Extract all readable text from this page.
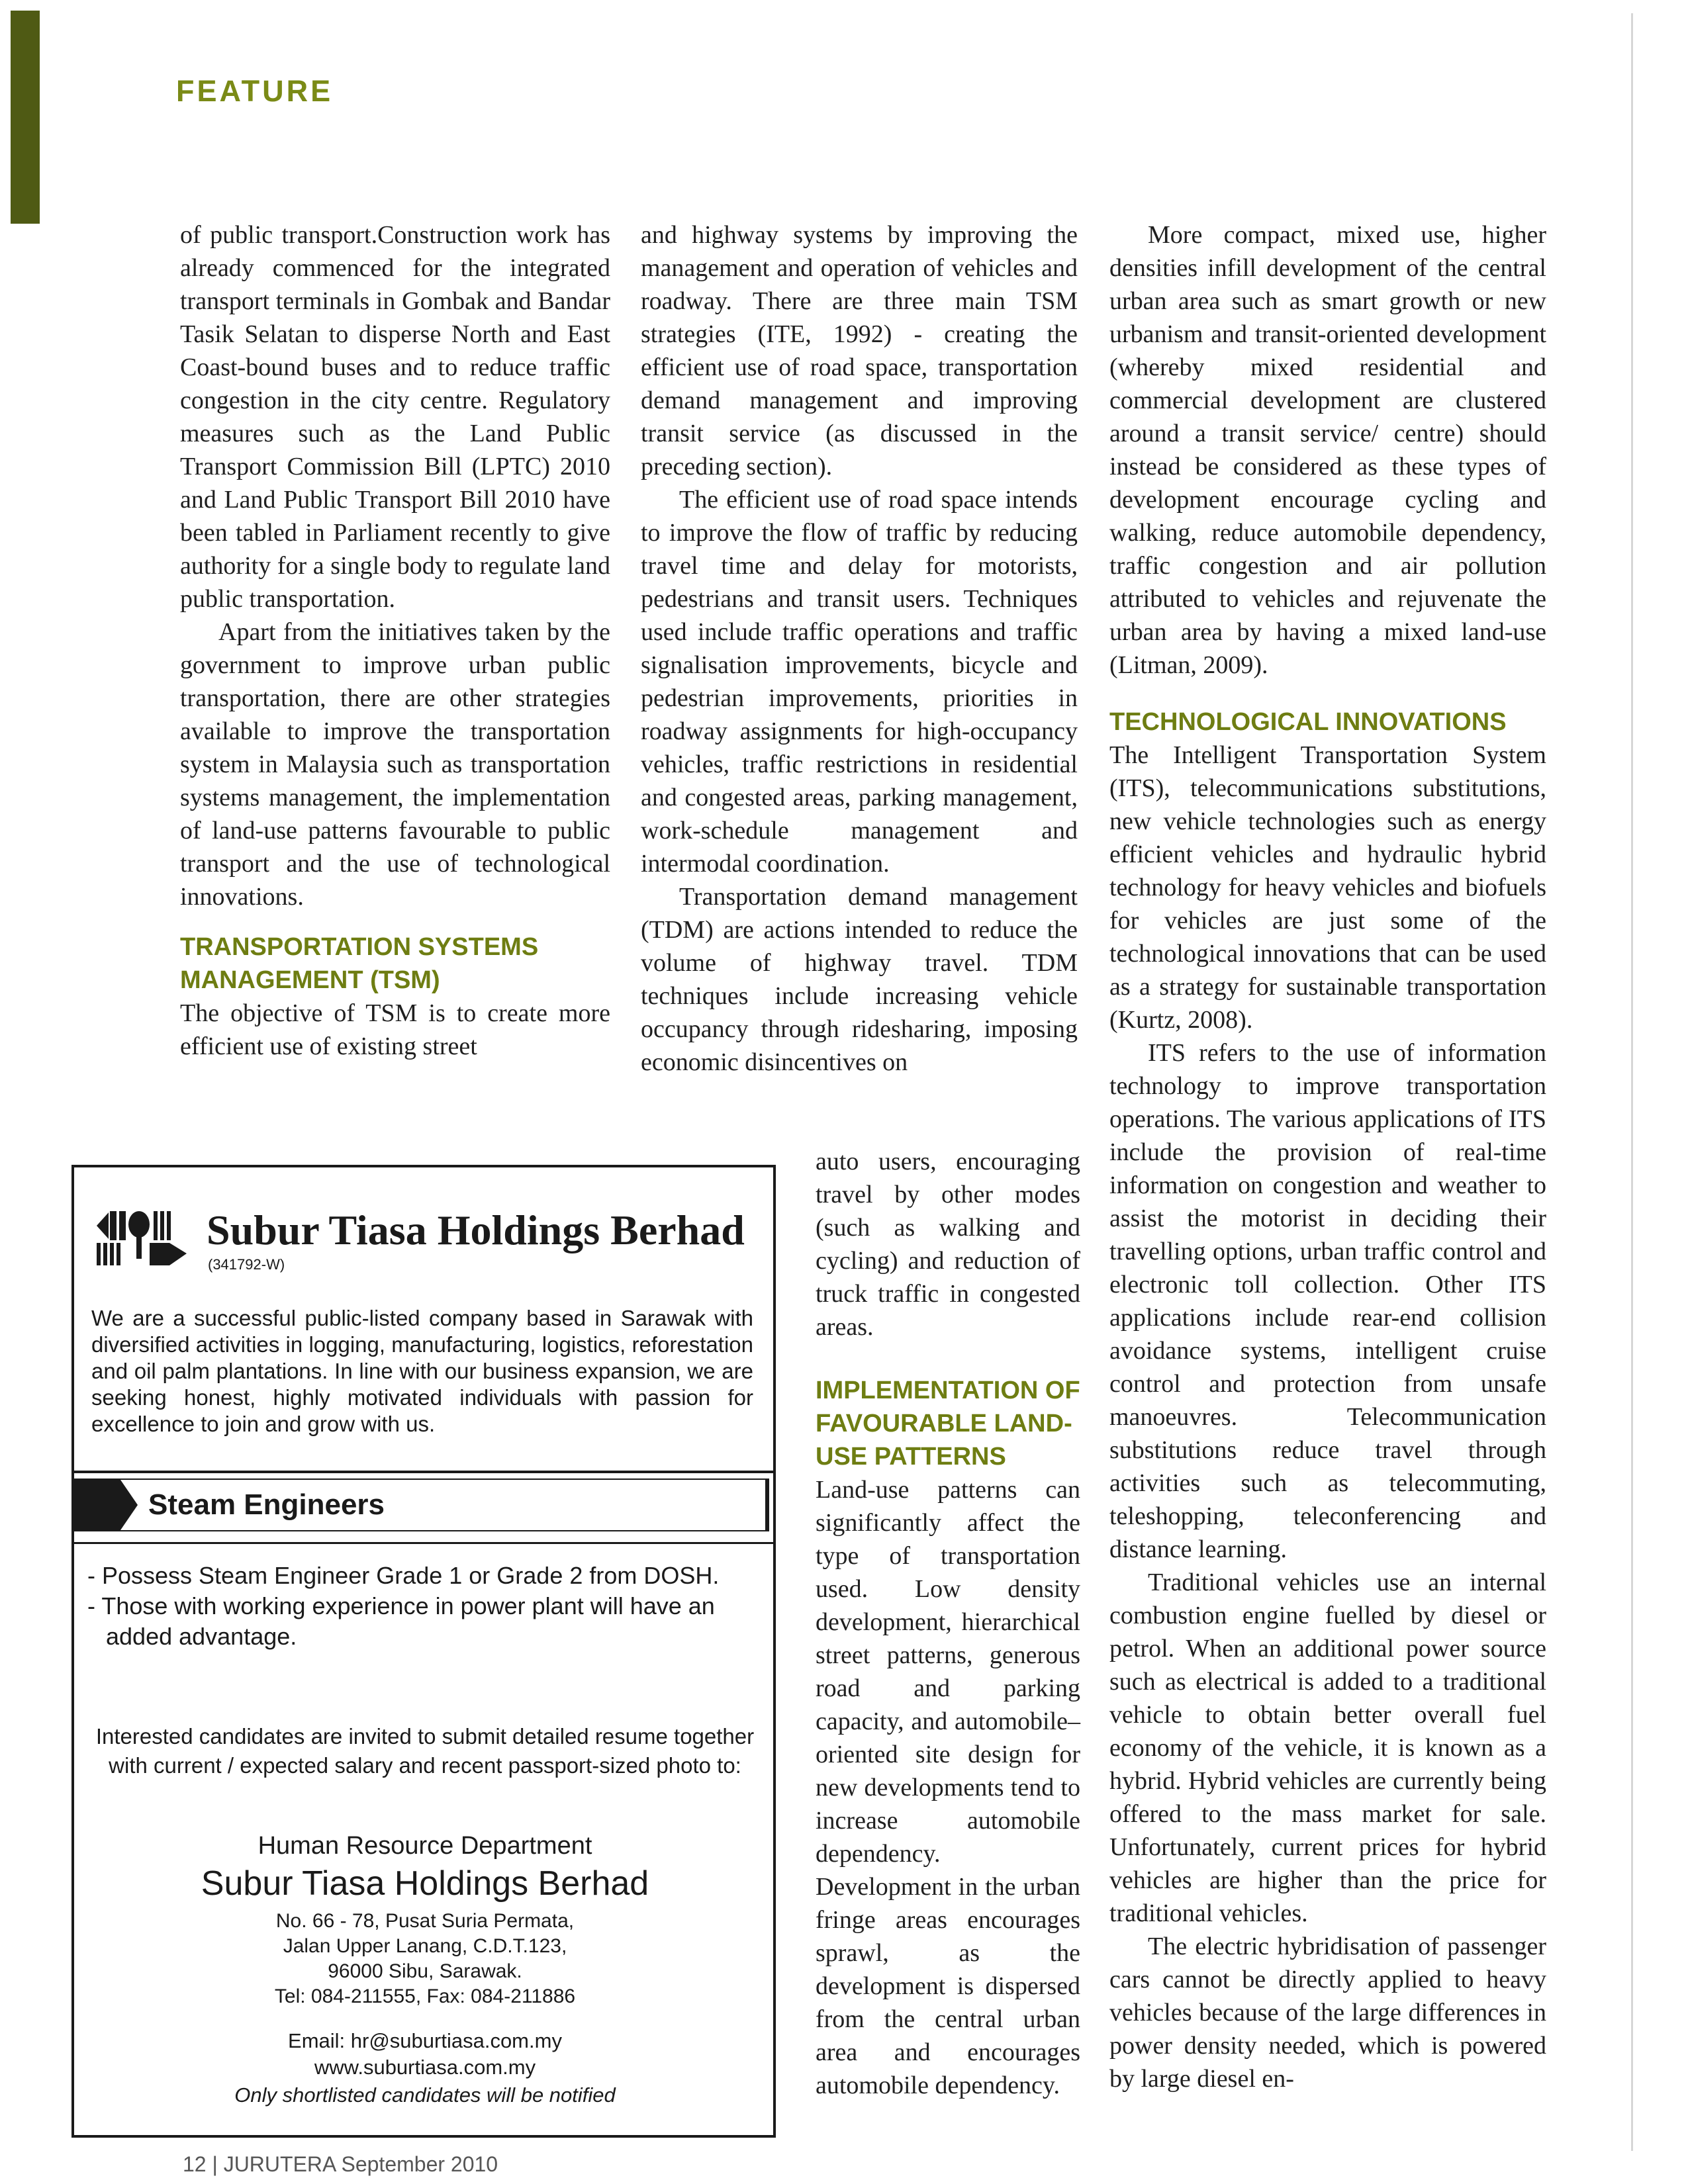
FEATURE

of public transport.Construction work has already commenced for the integrated transport terminals in Gombak and Bandar Tasik Selatan to disperse North and East Coast-bound buses and to reduce traffic congestion in the city centre. Regulatory measures such as the Land Public Transport Commission Bill (LPTC) 2010 and Land Public Transport Bill 2010 have been tabled in Parliament recently to give authority for a single body to regulate land public transportation.

Apart from the initiatives taken by the government to improve urban public transportation, there are other strategies available to improve the transportation system in Malaysia such as transportation systems management, the implementation of land-use patterns favourable to public transport and the use of technological innovations.

TRANSPORTATION SYSTEMS MANAGEMENT (TSM)

The objective of TSM is to create more efficient use of existing street

and highway systems by improving the management and operation of vehicles and roadway. There are three main TSM strategies (ITE, 1992) - creating the efficient use of road space, transportation demand management and improving transit service (as discussed in the preceding section).

The efficient use of road space intends to improve the flow of traffic by reducing travel time and delay for motorists, pedestrians and transit users. Techniques used include traffic operations and traffic signalisation improvements, bicycle and pedestrian improvements, priorities in roadway assignments for high-occupancy vehicles, traffic restrictions in residential and congested areas, parking management, work-schedule management and intermodal coordination.

Transportation demand management (TDM) are actions intended to reduce the volume of highway travel. TDM techniques include increasing vehicle occupancy through ridesharing, imposing economic disincentives on

auto users, encouraging travel by other modes (such as walking and cycling) and reduction of truck traffic in congested areas.

IMPLEMENTATION OF FAVOURABLE LAND-USE PATTERNS

Land-use patterns can significantly affect the type of transportation used. Low density development, hierarchical street patterns, generous road and parking capacity, and automobile–oriented site design for new developments tend to increase automobile dependency. Development in the urban fringe areas encourages sprawl, as the development is dispersed from the central urban area and encourages automobile dependency.

More compact, mixed use, higher densities infill development of the central urban area such as smart growth or new urbanism and transit-oriented development (whereby mixed residential and commercial development are clustered around a transit service/ centre) should instead be considered as these types of development encourage cycling and walking, reduce automobile dependency, traffic congestion and air pollution attributed to vehicles and rejuvenate the urban area by having a mixed land-use (Litman, 2009).

TECHNOLOGICAL INNOVATIONS

The Intelligent Transportation System (ITS), telecommunications substitutions, new vehicle technologies such as energy efficient vehicles and hydraulic hybrid technology for heavy vehicles and biofuels for vehicles are just some of the technological innovations that can be used as a strategy for sustainable transportation (Kurtz, 2008).

ITS refers to the use of information technology to improve transportation operations. The various applications of ITS include the provision of real-time information on congestion and weather to assist the motorist in deciding their travelling options, urban traffic control and electronic toll collection. Other ITS applications include rear-end collision avoidance systems, intelligent cruise control and protection from unsafe manoeuvres. Telecommunication substitutions reduce travel through activities such as telecommuting, teleshopping, teleconferencing and distance learning.

Traditional vehicles use an internal combustion engine fuelled by diesel or petrol. When an additional power source such as electrical is added to a traditional vehicle to obtain better overall fuel economy of the vehicle, it is known as a hybrid. Hybrid vehicles are currently being offered to the mass market for sale. Unfortunately, current prices for hybrid vehicles are higher than the price for traditional vehicles.

The electric hybridisation of passenger cars cannot be directly applied to heavy vehicles because of the large differences in power density needed, which is powered by large diesel en-

Subur Tiasa Holdings Berhad
(341792-W)
We are a successful public-listed company based in Sarawak with diversified activities in logging, manufacturing, logistics, reforestation and oil palm plantations. In line with our business expansion, we are seeking honest, highly motivated individuals with passion for excellence to join and grow with us.
Steam Engineers
- Possess Steam Engineer Grade 1 or Grade 2 from DOSH.
- Those with working experience in power plant will have an added advantage.
Interested candidates are invited to submit detailed resume together with current / expected salary and recent passport-sized photo to:
Human Resource Department
Subur Tiasa Holdings Berhad
No. 66 - 78, Pusat Suria Permata,
Jalan Upper Lanang, C.D.T.123,
96000 Sibu, Sarawak.
Tel: 084-211555, Fax: 084-211886
Email: hr@suburtiasa.com.my
www.suburtiasa.com.my
Only shortlisted candidates will be notified
12 | JURUTERA September 2010
